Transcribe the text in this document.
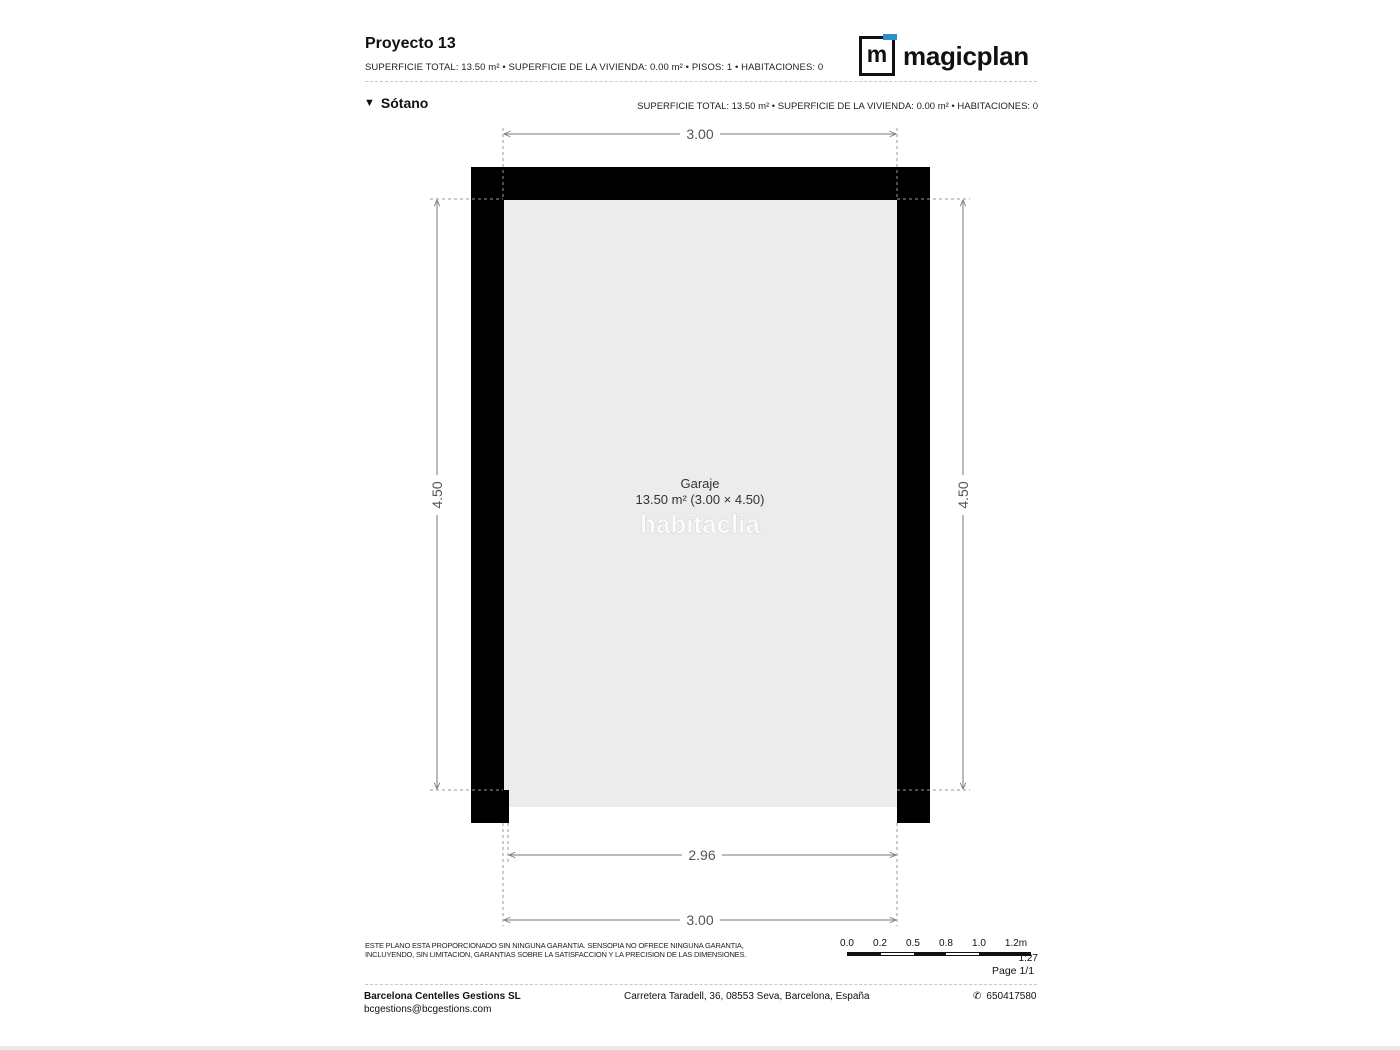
Proyecto 13
SUPERFICIE TOTAL: 13.50 m² • SUPERFICIE DE LA VIVIENDA: 0.00 m² • PISOS: 1 • HABITACIONES: 0
m magicplan
▼ Sótano	SUPERFICIE TOTAL: 13.50 m² • SUPERFICIE DE LA VIVIENDA: 0.00 m² • HABITACIONES: 0
3.00
4.50	4.50
2.96
3.00
Garaje
13.50 m² (3.00 × 4.50)
habitaclia
ESTE PLANO ESTA PROPORCIONADO SIN NINGUNA GARANTIA. SENSOPIA NO OFRECE NINGUNA GARANTIA, INCLUYENDO, SIN LIMITACION, GARANTIAS SOBRE LA SATISFACCION Y LA PRECISION DE LAS DIMENSIONES.
0.0 0.2 0.5 0.8 1.0 1.2m
1:27
Page 1/1
Barcelona Centelles Gestions SL
bcgestions@bcgestions.com
Carretera Taradell, 36, 08553 Seva, Barcelona, España	✆ 650417580
